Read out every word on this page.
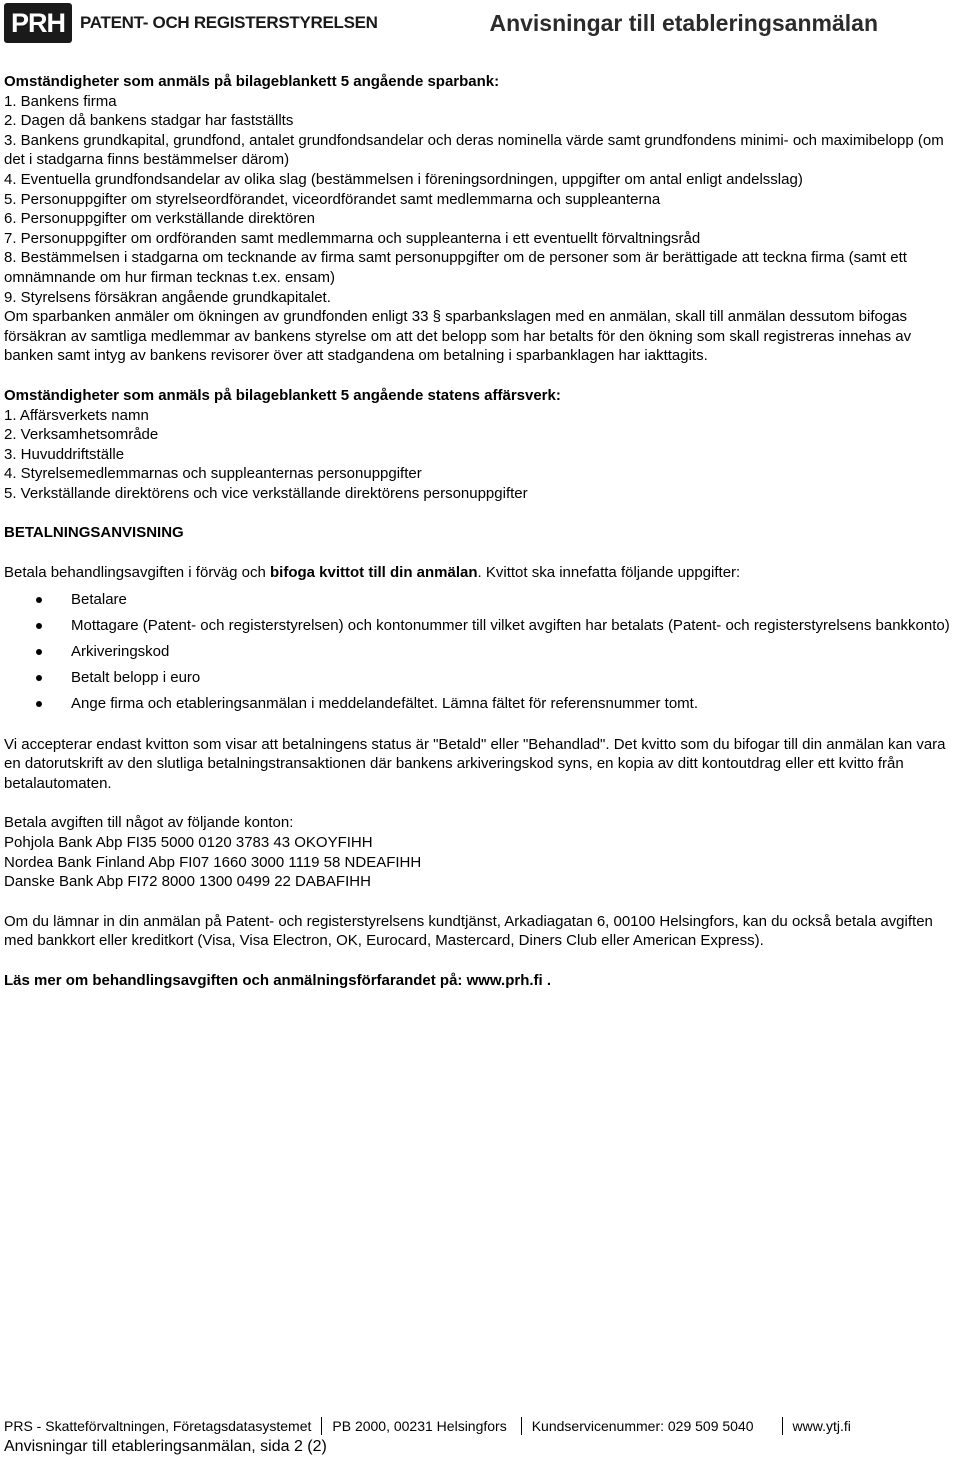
PRH PATENT- OCH REGISTERSTYRELSEN	Anvisningar till etableringsanmälan

Omständigheter som anmäls på bilageblankett 5 angående sparbank:

1. Bankens firma

2. Dagen då bankens stadgar har fastställts

3. Bankens grundkapital, grundfond, antalet grundfondsandelar och deras nominella värde samt grundfondens minimi- och maximibelopp (om det i stadgarna finns bestämmelser därom)

4. Eventuella grundfondsandelar av olika slag (bestämmelsen i föreningsordningen, uppgifter om antal enligt andelsslag)

5. Personuppgifter om styrelseordförandet, viceordförandet samt medlemmarna och suppleanterna

6. Personuppgifter om verkställande direktören

7. Personuppgifter om ordföranden samt medlemmarna och suppleanterna i ett eventuellt förvaltningsråd

8. Bestämmelsen i stadgarna om tecknande av firma samt personuppgifter om de personer som är berättigade att teckna firma (samt ett omnämnande om hur firman tecknas t.ex. ensam)

9. Styrelsens försäkran angående grundkapitalet.

Om sparbanken anmäler om ökningen av grundfonden enligt 33 § sparbankslagen med en anmälan, skall till anmälan dessutom bifogas försäkran av samtliga medlemmar av bankens styrelse om att det belopp som har betalts för den ökning som skall registreras innehas av banken samt intyg av bankens revisorer över att stadgandena om betalning i sparbanklagen har iakttagits.

Omständigheter som anmäls på bilageblankett 5 angående statens affärsverk:

1. Affärsverkets namn

2. Verksamhetsområde

3. Huvuddriftställe

4. Styrelsemedlemmarnas och suppleanternas personuppgifter

5. Verkställande direktörens och vice verkställande direktörens personuppgifter

BETALNINGSANVISNING

Betala behandlingsavgiften i förväg och bifoga kvittot till din anmälan. Kvittot ska innefatta följande uppgifter:

Betalare
Mottagare (Patent- och registerstyrelsen) och kontonummer till vilket avgiften har betalats (Patent- och registerstyrelsens bankkonto)
Arkiveringskod
Betalt belopp i euro
Ange firma och etableringsanmälan i meddelandefältet. Lämna fältet för referensnummer tomt.

Vi accepterar endast kvitton som visar att betalningens status är "Betald" eller "Behandlad". Det kvitto som du bifogar till din anmälan kan vara en datorutskrift av den slutliga betalningstransaktionen där bankens arkiveringskod syns, en kopia av ditt kontoutdrag eller ett kvitto från betalautomaten.

Betala avgiften till något av följande konton:

Pohjola Bank Abp FI35 5000 0120 3783 43 OKOYFIHH

Nordea Bank Finland Abp FI07 1660 3000 1119 58 NDEAFIHH

Danske Bank Abp FI72 8000 1300 0499 22 DABAFIHH

Om du lämnar in din anmälan på Patent- och registerstyrelsens kundtjänst, Arkadiagatan 6, 00100 Helsingfors, kan du också betala avgiften med bankkort eller kreditkort (Visa, Visa Electron, OK, Eurocard, Mastercard, Diners Club eller American Express).

Läs mer om behandlingsavgiften och anmälningsförfarandet på: www.prh.fi .

PRS - Skatteförvaltningen, Företagsdatasystemet PB 2000, 00231 Helsingfors Kundservicenummer: 029 509 5040	www.ytj.fi
Anvisningar till etableringsanmälan, sida 2 (2)
